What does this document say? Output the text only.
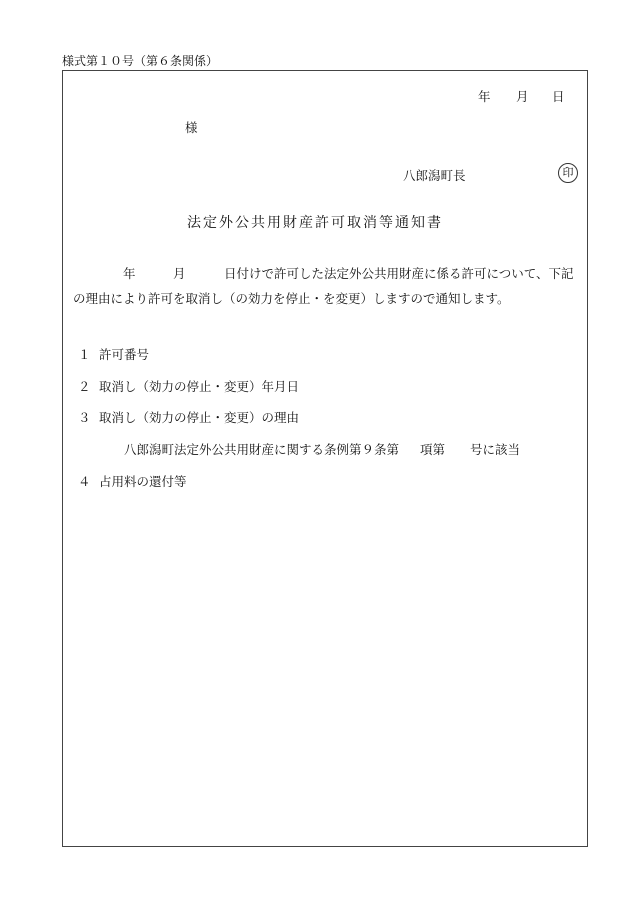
様式第１０号（第６条関係）
年 月 日
様
八郎潟町長	印
法定外公共用財産許可取消等通知書
年	月	日付けで許可した法定外公共用財産に係る許可について、下記
の理由により許可を取消し（の効力を停止・を変更）しますので通知します。
１ 許可番号
２ 取消し（効力の停止・変更）年月日
３ 取消し（効力の停止・変更）の理由
八郎潟町法定外公共用財産に関する条例第９条第 項第 号に該当
４ 占用料の還付等
